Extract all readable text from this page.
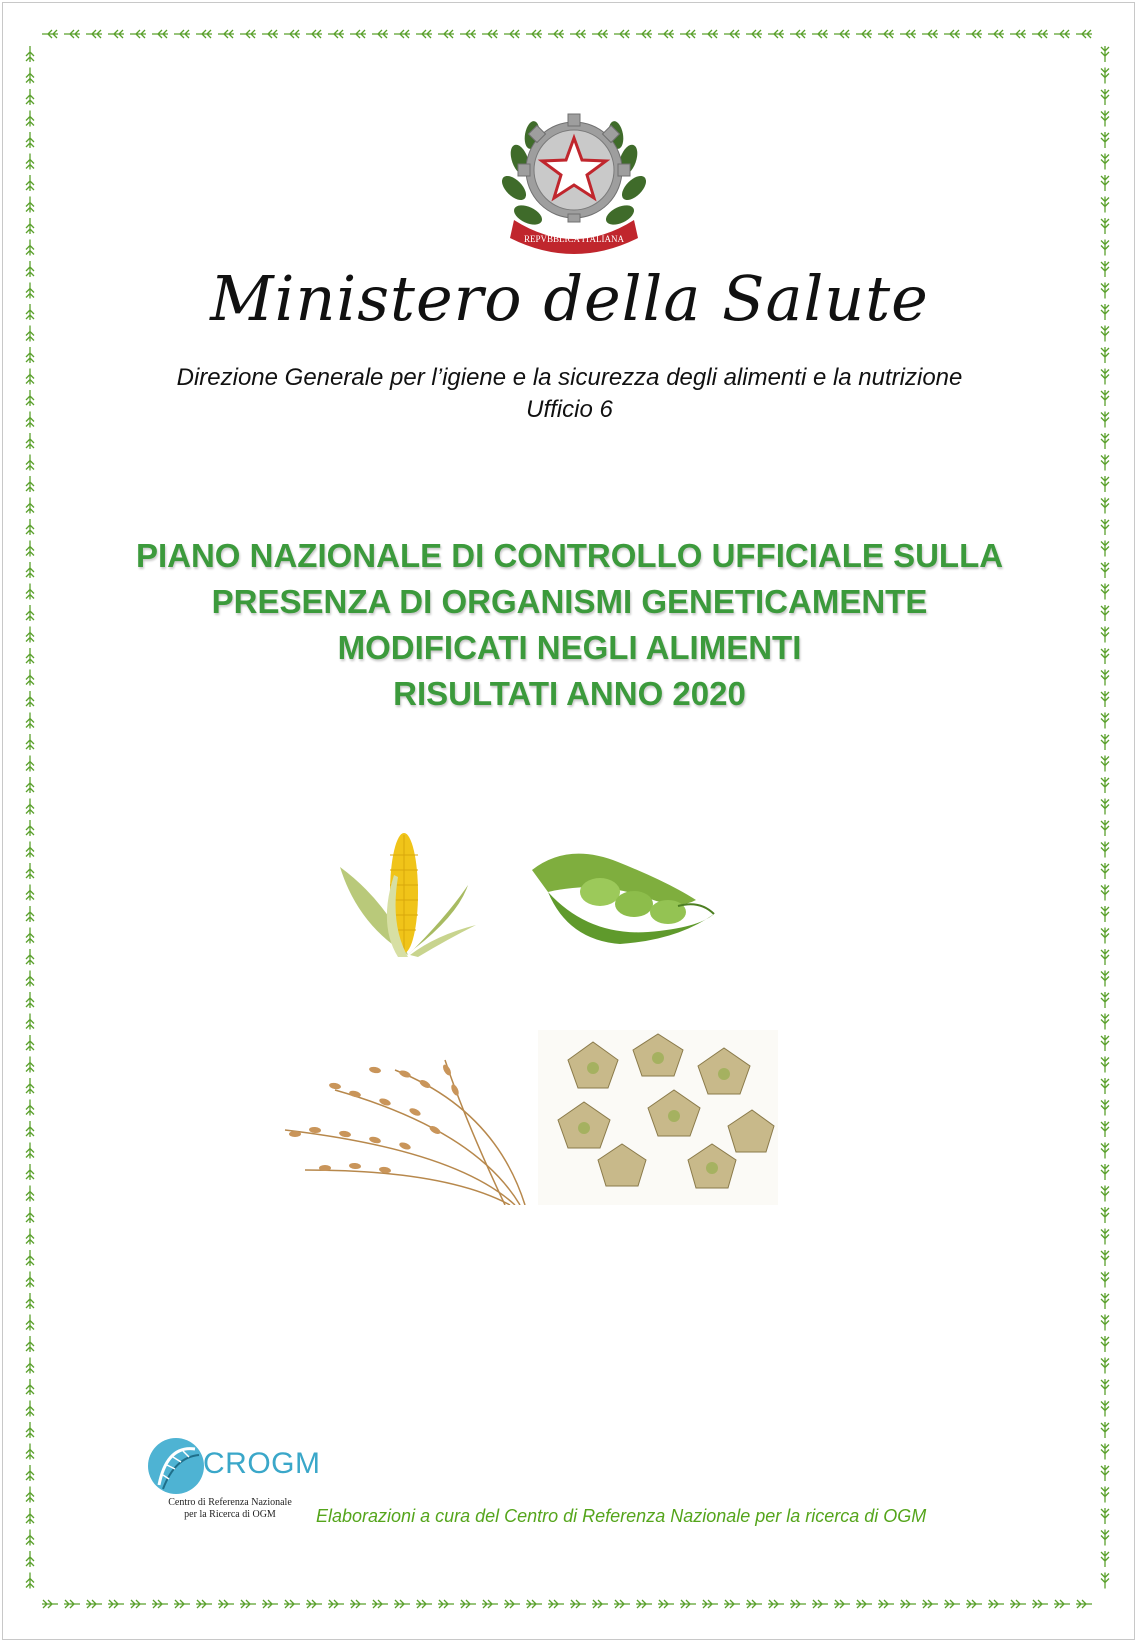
REPVBBLICA ITALIANA
Ministero della Salute
Direzione Generale per l’igiene e la sicurezza degli alimenti e la nutrizione
Ufficio 6
PIANO NAZIONALE DI CONTROLLO UFFICIALE SULLA
PRESENZA DI ORGANISMI GENETICAMENTE
MODIFICATI NEGLI ALIMENTI
RISULTATI ANNO 2020
CROGM
Centro di Referenza Nazionale
per la Ricerca di OGM	Elaborazioni a cura del Centro di Referenza Nazionale per la ricerca di OGM
